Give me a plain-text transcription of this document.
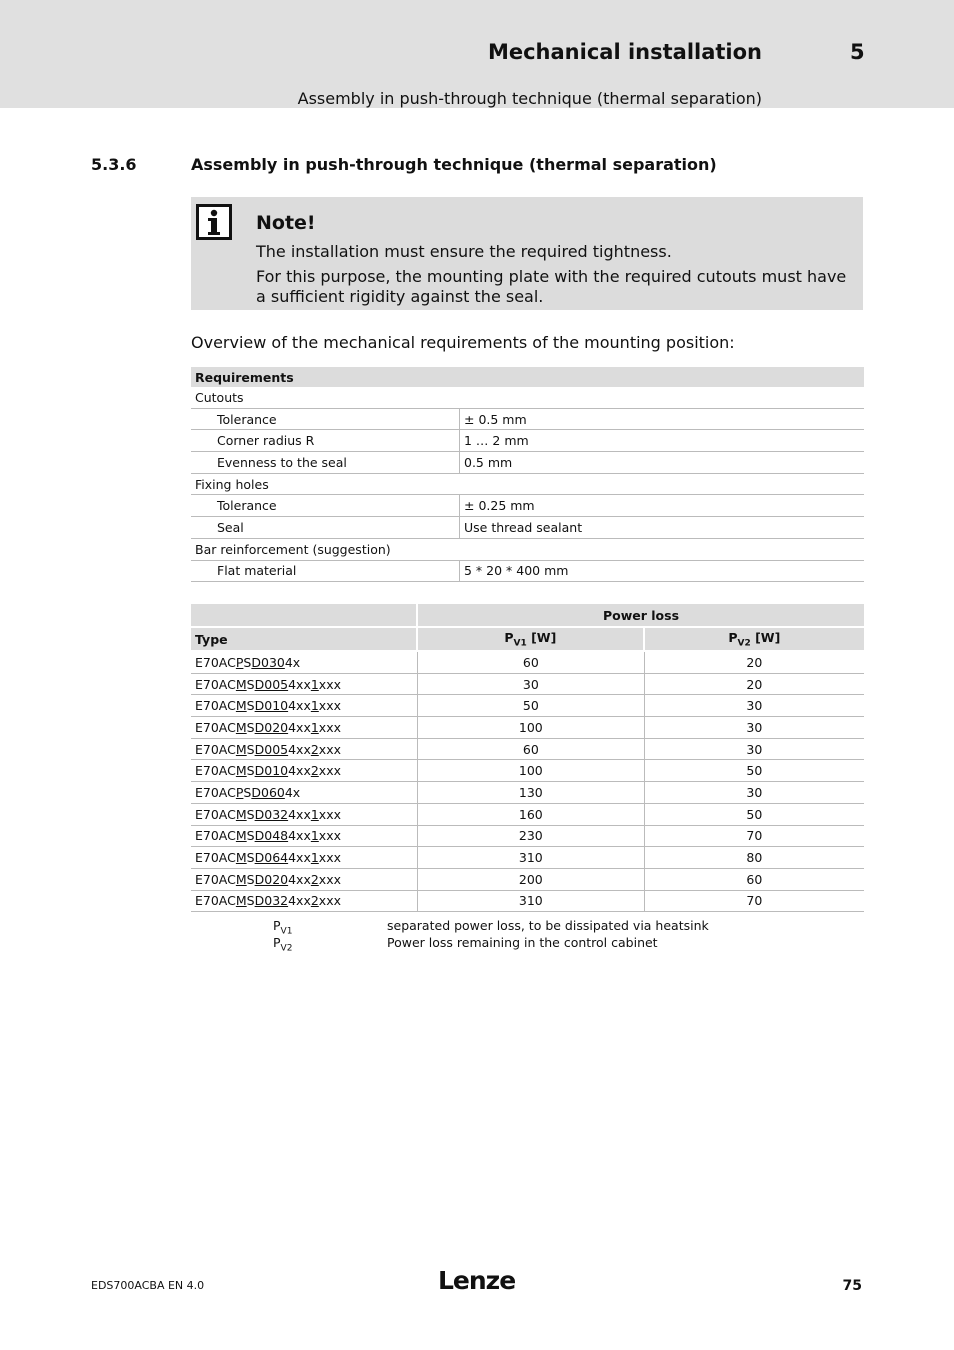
Mechanical installation	5
Assembly in push-through technique (thermal separation)
5.3.6	Assembly in push-through technique (thermal separation)
Note!
The installation must ensure the required tightness.
For this purpose, the mounting plate with the required cutouts must have a sufficient rigidity against the seal.
Overview of the mechanical requirements of the mounting position:
Requirements	
Cutouts	
Tolerance	± 0.5 mm
Corner radius R	1 … 2 mm
Evenness to the seal	0.5 mm
Fixing holes	
Tolerance	± 0.25 mm
Seal	Use thread sealant
Bar reinforcement (suggestion)	
Flat material	5 * 20 * 400 mm
	Power loss	
Type	$P_{V1}$ [W]	$P_{V2}$ [W]
E70ACPSD0304x	60	20
E70ACMSD0054xx1xxx	30	20
E70ACMSD0104xx1xxx	50	30
E70ACMSD0204xx1xxx	100	30
E70ACMSD0054xx2xxx	60	30
E70ACMSD0104xx2xxx	100	50
E70ACPSD0604x	130	30
E70ACMSD0324xx1xxx	160	50
E70ACMSD0484xx1xxx	230	70
E70ACMSD0644xx1xxx	310	80
E70ACMSD0204xx2xxx	200	60
E70ACMSD0324xx2xxx	310	70
$P_{V1}$	separated power loss, to be dissipated via heatsink
$P_{V2}$	Power loss remaining in the control cabinet
EDS700ACBA EN 4.0	Lenze	75
